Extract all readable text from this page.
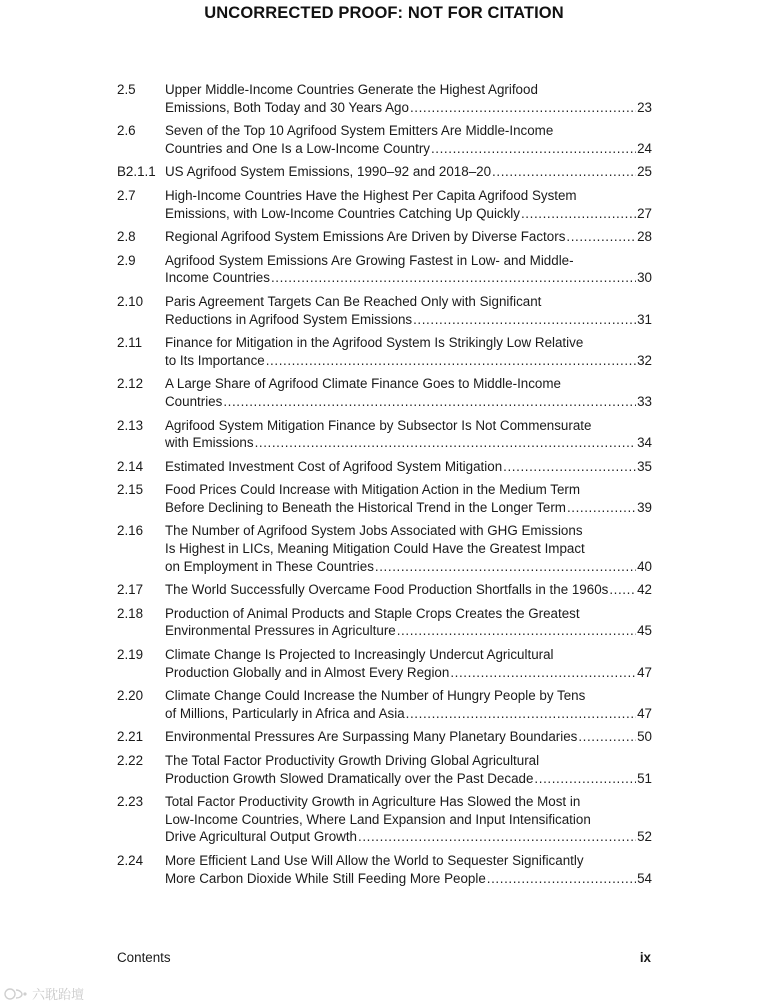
UNCORRECTED PROOF: NOT FOR CITATION
2.5	Upper Middle-Income Countries Generate the Highest Agrifood
Emissions, Both Today and 30 Years Ago .....	23
2.6	Seven of the Top 10 Agrifood System Emitters Are Middle-Income
Countries and One Is a Low-Income Country .....	24
B2.1.1 US Agrifood System Emissions, 1990–92 and 2018–20 .....	25
2.7	High-Income Countries Have the Highest Per Capita Agrifood System
Emissions, with Low-Income Countries Catching Up Quickly .....	27
2.8	Regional Agrifood System Emissions Are Driven by Diverse Factors .....	28
2.9	Agrifood System Emissions Are Growing Fastest in Low- and Middle-
Income Countries .....	30
2.10	Paris Agreement Targets Can Be Reached Only with Significant
Reductions in Agrifood System Emissions .....	31
2.11	Finance for Mitigation in the Agrifood System Is Strikingly Low Relative
to Its Importance .....	32
2.12	A Large Share of Agrifood Climate Finance Goes to Middle-Income
Countries .....	33
2.13	Agrifood System Mitigation Finance by Subsector Is Not Commensurate
with Emissions .....	34
2.14	Estimated Investment Cost of Agrifood System Mitigation .....	35
2.15	Food Prices Could Increase with Mitigation Action in the Medium Term
Before Declining to Beneath the Historical Trend in the Longer Term .....	39
2.16	The Number of Agrifood System Jobs Associated with GHG Emissions
Is Highest in LICs, Meaning Mitigation Could Have the Greatest Impact
on Employment in These Countries .....	40
2.17	The World Successfully Overcame Food Production Shortfalls in the 1960s ..... 42
2.18	Production of Animal Products and Staple Crops Creates the Greatest
Environmental Pressures in Agriculture .....	45
2.19	Climate Change Is Projected to Increasingly Undercut Agricultural
Production Globally and in Almost Every Region .....	47
2.20	Climate Change Could Increase the Number of Hungry People by Tens
of Millions, Particularly in Africa and Asia .....	47
2.21	Environmental Pressures Are Surpassing Many Planetary Boundaries .....	50
2.22	The Total Factor Productivity Growth Driving Global Agricultural
Production Growth Slowed Dramatically over the Past Decade .....	51
2.23	Total Factor Productivity Growth in Agriculture Has Slowed the Most in
Low-Income Countries, Where Land Expansion and Input Intensification
Drive Agricultural Output Growth .....	52
2.24	More Efficient Land Use Will Allow the World to Sequester Significantly
More Carbon Dioxide While Still Feeding More People .....	54
Contents	ix
六耽跆壇
